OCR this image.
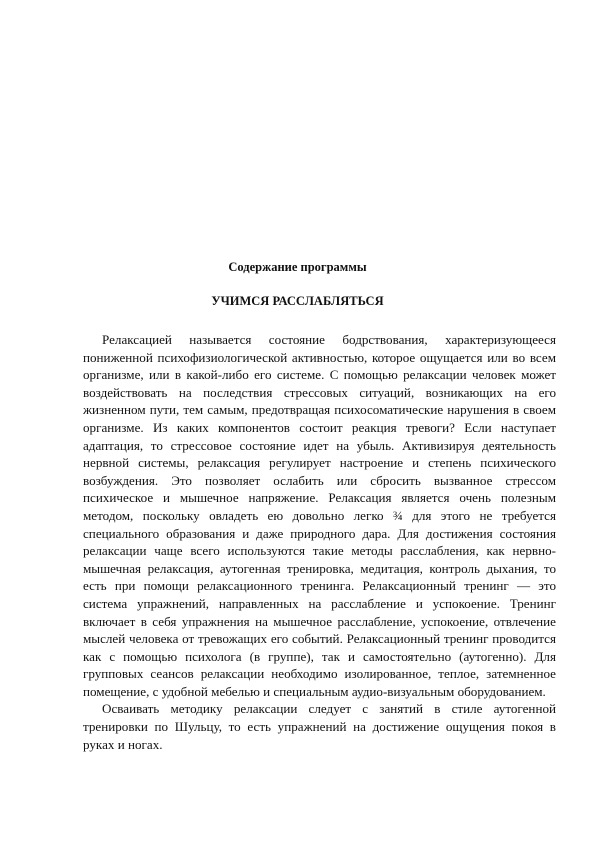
Содержание программы
УЧИМСЯ РАССЛАБЛЯТЬСЯ

Релаксацией называется состояние бодрствования, характеризующееся пониженной психофизиологической активностью, которое ощущается или во всем организме, или в какой-либо его системе. С помощью релаксации человек может воздействовать на последствия стрессовых ситуаций, возникающих на его жизненном пути, тем самым, предотвращая психосоматические нарушения в своем организме. Из каких компонентов состоит реакция тревоги? Если наступает адаптация, то стрессовое состояние идет на убыль. Активизируя деятельность нервной системы, релаксация регулирует настроение и степень психического возбуждения. Это позволяет ослабить или сбросить вызванное стрессом психическое и мышечное напряжение. Релаксация является очень полезным методом, поскольку овладеть ею довольно легко ¾ для этого не требуется специального образования и даже природного дара. Для достижения состояния релаксации чаще всего используются такие методы расслабления, как нервно-мышечная релаксация, аутогенная тренировка, медитация, контроль дыхания, то есть при помощи релаксационного тренинга. Релаксационный тренинг — это система упражнений, направленных на расслабление и успокоение. Тренинг включает в себя упражнения на мышечное расслабление, успокоение, отвлечение мыслей человека от тревожащих его событий. Релаксационный тренинг проводится как с помощью психолога (в группе), так и самостоятельно (аутогенно). Для групповых сеансов релаксации необходимо изолированное, теплое, затемненное помещение, с удобной мебелью и специальным аудио-визуальным оборудованием.

Осваивать методику релаксации следует с занятий в стиле аутогенной тренировки по Шульцу, то есть упражнений на достижение ощущения покоя в руках и ногах.
